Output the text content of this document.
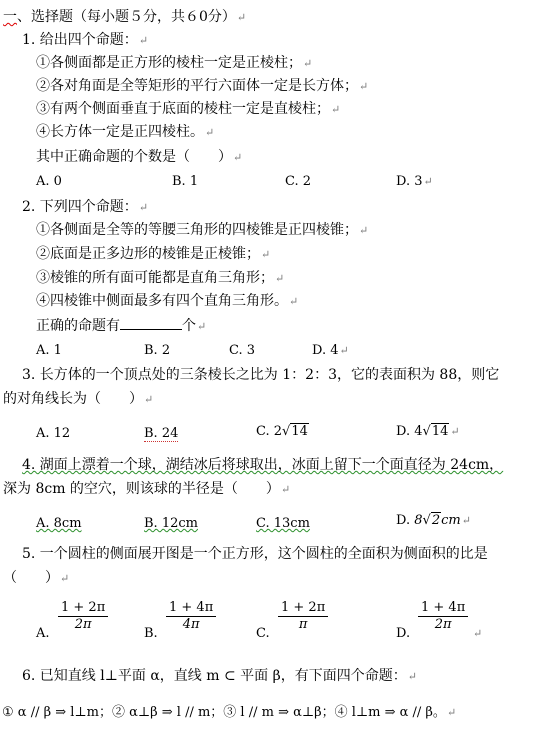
一、选择题（每小题５分，共６0分）↵
1. 给出四个命题：↵
①各侧面都是正方形的棱柱一定是正棱柱；↵
②各对角面是全等矩形的平行六面体一定是长方体；↵
③有两个侧面垂直于底面的棱柱一定是直棱柱；↵
④长方体一定是正四棱柱。↵
其中正确命题的个数是（　　）↵
A. 0	B. 1	C. 2	D. 3↵
2. 下列四个命题：↵
①各侧面是全等的等腰三角形的四棱锥是正四棱锥；↵
②底面是正多边形的棱锥是正棱锥；↵
③棱锥的所有面可能都是直角三角形；↵
④四棱锥中侧面最多有四个直角三角形。↵
正确的命题有	个↵
A. 1	B. 2	C. 3	D. 4↵
3. 长方体的一个顶点处的三条棱长之比为 1：2：3，它的表面积为 88，则它
的对角线长为（　　）↵
A. 12	B. 24	C. 2√14	D. 4√14 ↵
4. 湖面上漂着一个球，湖结冰后将球取出，冰面上留下一个面直径为 24cm，
深为 8cm 的空穴，则该球的半径是（　　）↵
A. 8cm	B. 12cm	C. 13cm	D. 8√2cm↵
5. 一个圆柱的侧面展开图是一个正方形，这个圆柱的全面积为侧面积的比是
（　　）↵
A.
$\frac{1 + 2\pi}{2\pi}$
B.
$\frac{1 + 4\pi}{4\pi}$
C.
$\frac{1 + 2\pi}{\pi}$
D.
$\frac{1 + 4\pi}{2\pi}$
↵
6. 已知直线 l⊥平面 α，直线 m ⊂ 平面 β，有下面四个命题：↵
① α // β ⇒ l⊥m；② α⊥β ⇒ l // m；③ l // m ⇒ α⊥β；④ l⊥m ⇒ α // β。↵
